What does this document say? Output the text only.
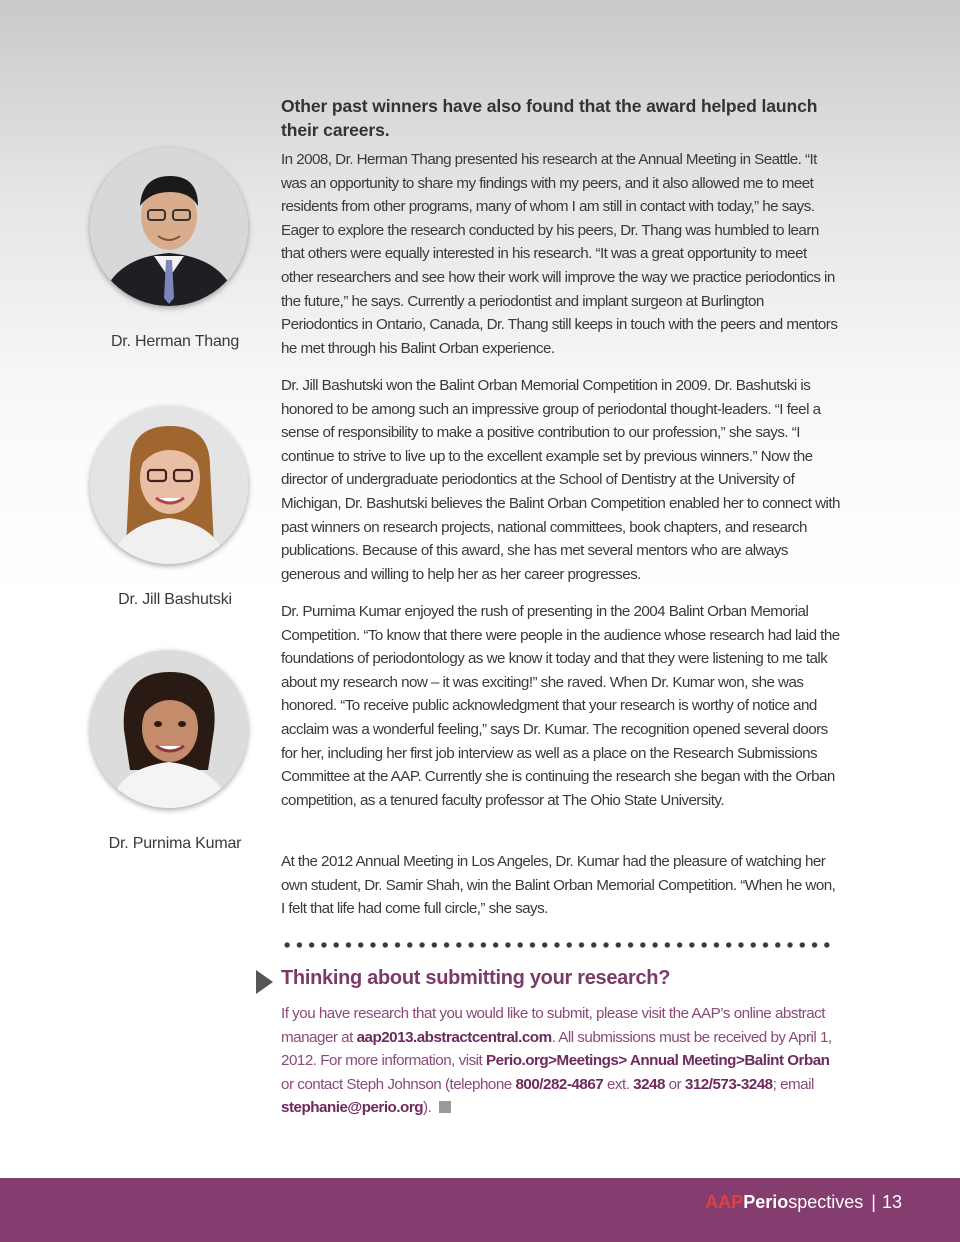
Dr. Herman Thang
Dr. Jill Bashutski
Dr. Purnima Kumar

Other past winners have also found that the award helped launch their careers.

In 2008, Dr. Herman Thang presented his research at the Annual Meeting in Seattle. “It was an opportunity to share my findings with my peers, and it also allowed me to meet residents from other programs, many of whom I am still in contact with today,” he says. Eager to explore the research conducted by his peers, Dr. Thang was humbled to learn that others were equally interested in his research. “It was a great opportunity to meet other researchers and see how their work will improve the way we practice periodontics in the future,” he says. Currently a periodontist and implant surgeon at Burlington Periodontics in Ontario, Canada, Dr. Thang still keeps in touch with the peers and mentors he met through his Balint Orban experience.

Dr. Jill Bashutski won the Balint Orban Memorial Competition in 2009. Dr. Bashutski is honored to be among such an impressive group of periodontal thought-leaders. “I feel a sense of responsibility to make a positive contribution to our profession,” she says. “I continue to strive to live up to the excellent example set by previous winners.” Now the director of undergraduate periodontics at the School of Dentistry at the University of Michigan, Dr. Bashutski believes the Balint Orban Competition enabled her to connect with past winners on research projects, national committees, book chapters, and research publications. Because of this award, she has met several mentors who are always generous and willing to help her as her career progresses.

Dr. Purnima Kumar enjoyed the rush of presenting in the 2004 Balint Orban Memorial Competition. “To know that there were people in the audience whose research had laid the foundations of periodontology as we know it today and that they were listening to me talk about my research now – it was exciting!” she raved. When Dr. Kumar won, she was honored. “To receive public acknowledgment that your research is worthy of notice and acclaim was a wonderful feeling,” says Dr. Kumar. The recognition opened several doors for her, including her first job interview as well as a place on the Research Submissions Committee at the AAP. Currently she is continuing the research she began with the Orban competition, as a tenured faculty professor at The Ohio State University.

At the 2012 Annual Meeting in Los Angeles, Dr. Kumar had the pleasure of watching her own student, Dr. Samir Shah, win the Balint Orban Memorial Competition. “When he won, I felt that life had come full circle,” she says.

Thinking about submitting your research?

If you have research that you would like to submit, please visit the AAP’s online abstract manager at aap2013.abstractcentral.com. All submissions must be received by April 1, 2012. For more information, visit Perio.org>Meetings> Annual Meeting>Balint Orban or contact Steph Johnson (telephone 800/282-4867 ext. 3248 or 312/573-3248; email stephanie@perio.org).

AAPPeriospectives | 13
